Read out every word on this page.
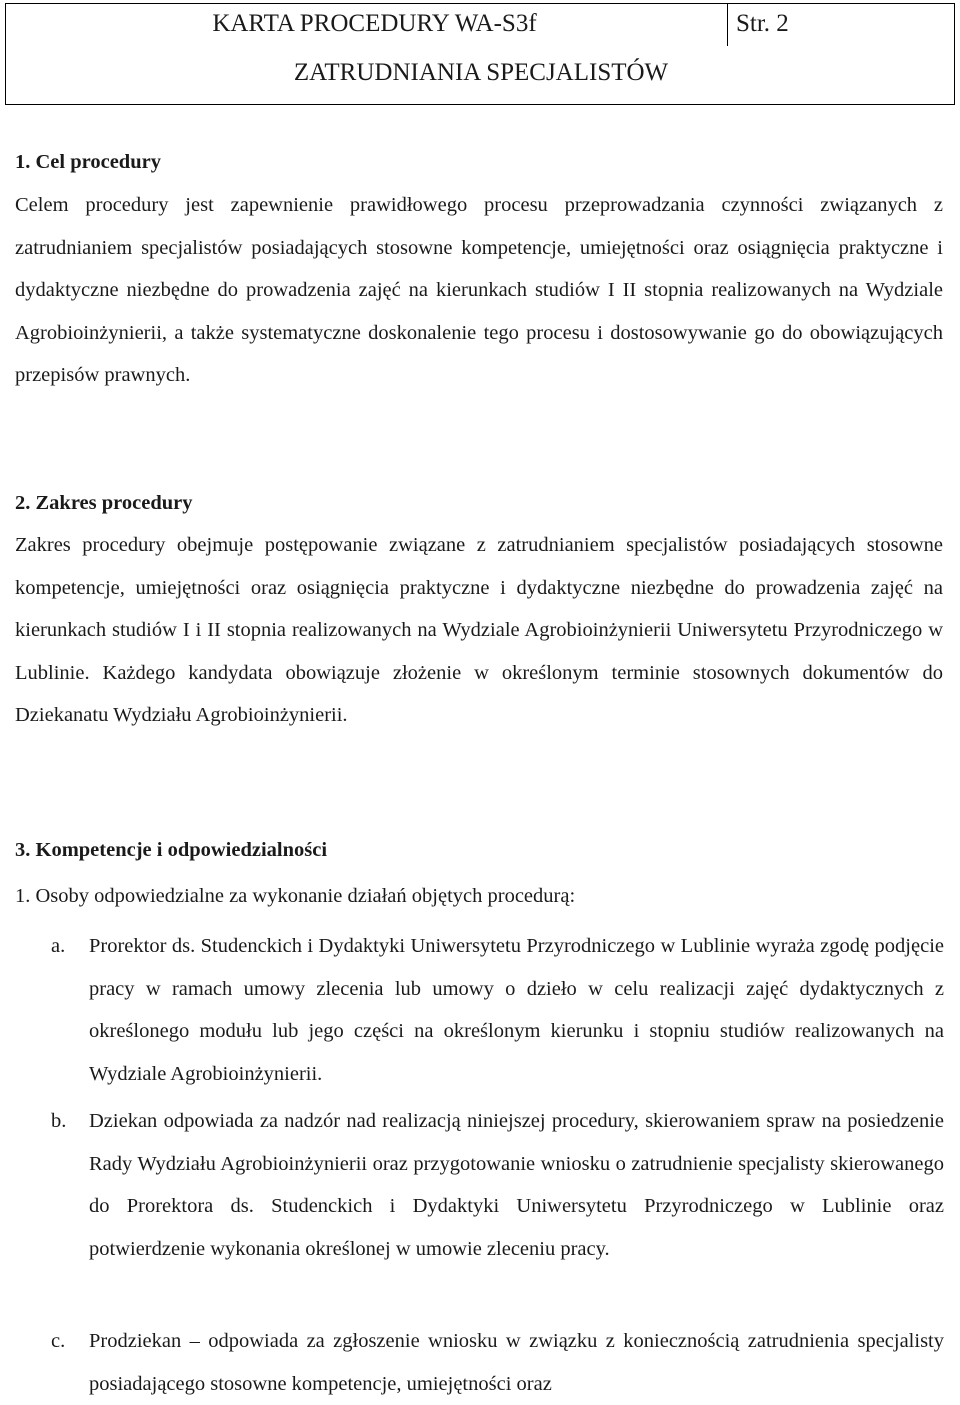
KARTA PROCEDURY WA-S3f	Str. 2
ZATRUDNIANIA SPECJALISTÓW
1. Cel procedury
Celem procedury jest zapewnienie prawidłowego procesu przeprowadzania czynności związanych z zatrudnianiem specjalistów posiadających stosowne kompetencje, umiejętności oraz osiągnięcia praktyczne i dydaktyczne niezbędne do prowadzenia zajęć na kierunkach studiów I II stopnia realizowanych na Wydziale Agrobioinżynierii, a także systematyczne doskonalenie tego procesu i dostosowywanie go do obowiązujących przepisów prawnych.
2. Zakres procedury
Zakres procedury obejmuje postępowanie związane z zatrudnianiem specjalistów posiadających stosowne kompetencje, umiejętności oraz osiągnięcia praktyczne i dydaktyczne niezbędne do prowadzenia zajęć na kierunkach studiów I i II stopnia realizowanych na Wydziale Agrobioinżynierii Uniwersytetu Przyrodniczego w Lublinie. Każdego kandydata obowiązuje złożenie w określonym terminie stosownych dokumentów do Dziekanatu Wydziału Agrobioinżynierii.
3. Kompetencje i odpowiedzialności
1. Osoby odpowiedzialne za wykonanie działań objętych procedurą:
a. Prorektor ds. Studenckich i Dydaktyki Uniwersytetu Przyrodniczego w Lublinie wyraża zgodę podjęcie pracy w ramach umowy zlecenia lub umowy o dzieło w celu realizacji zajęć dydaktycznych z określonego modułu lub jego części na określonym kierunku i stopniu studiów realizowanych na Wydziale Agrobioinżynierii.
b. Dziekan odpowiada za nadzór nad realizacją niniejszej procedury, skierowaniem spraw na posiedzenie Rady Wydziału Agrobioinżynierii oraz przygotowanie wniosku o zatrudnienie specjalisty skierowanego do Prorektora ds. Studenckich i Dydaktyki Uniwersytetu Przyrodniczego w Lublinie oraz potwierdzenie wykonania określonej w umowie zleceniu pracy.
c. Prodziekan – odpowiada za zgłoszenie wniosku w związku z koniecznością zatrudnienia specjalisty posiadającego stosowne kompetencje, umiejętności oraz
